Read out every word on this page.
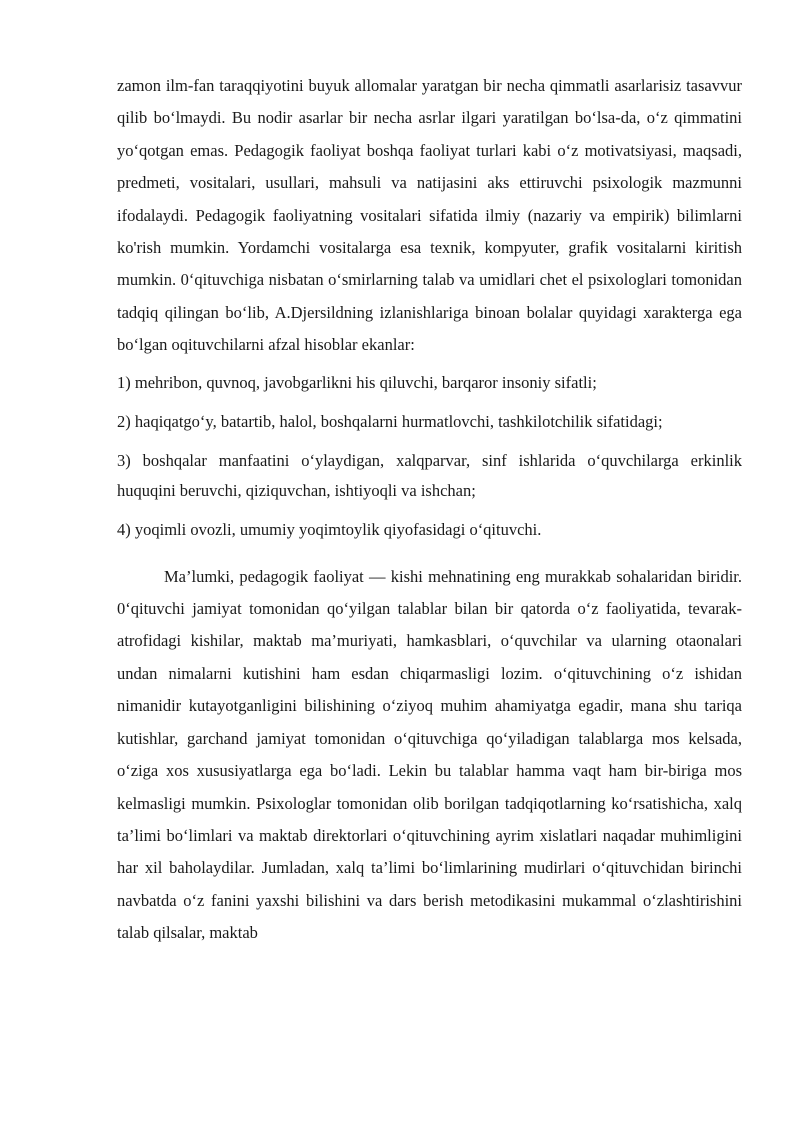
zamon ilm-fan taraqqiyotini buyuk allomalar yaratgan bir necha qimmatli asarlarisiz tasavvur qilib bo‘lmaydi. Bu nodir asarlar bir necha asrlar ilgari yaratilgan bo‘lsa-da, o‘z qimmatini yo‘qotgan emas. Pedagogik faoliyat boshqa faoliyat turlari kabi o‘z motivatsiyasi, maqsadi, predmeti, vositalari, usullari, mahsuli va natijasini aks ettiruvchi psixologik mazmunni ifodalaydi. Pedagogik faoliyatning vositalari sifatida ilmiy (nazariy va empirik) bilimlarni ko'rish mumkin. Yordamchi vositalarga esa texnik, kompyuter, grafik vositalarni kiritish mumkin. 0‘qituvchiga nisbatan o‘smirlarning talab va umidlari chet el psixologlari tomonidan tadqiq qilingan bo‘lib, A.Djersildning izlanishlariga binoan bolalar quyidagi xarakterga ega bo‘lgan oqituvchilarni afzal hisoblar ekanlar:

1) mehribon, quvnoq, javobgarlikni his qiluvchi, barqaror insoniy sifatli;

2) haqiqatgo‘y, batartib, halol, boshqalarni hurmatlovchi, tashkilotchilik sifatidagi;

3) boshqalar manfaatini o‘ylaydigan, xalqparvar, sinf ishlarida o‘quvchilarga erkinlik huquqini beruvchi, qiziquvchan, ishtiyoqli va ishchan;

4) yoqimli ovozli, umumiy yoqimtoylik qiyofasidagi o‘qituvchi.

Ma’lumki, pedagogik faoliyat — kishi mehnatining eng murakkab sohalaridan biridir. 0‘qituvchi jamiyat tomonidan qo‘yilgan talablar bilan bir qatorda o‘z faoliyatida, tevarak-atrofidagi kishilar, maktab ma’muriyati, hamkasblari, o‘quvchilar va ularning otaonalari undan nimalarni kutishini ham esdan chiqarmasligi lozim. o‘qituvchining o‘z ishidan nimanidir kutayotganligini bilishining o‘ziyoq muhim ahamiyatga egadir, mana shu tariqa kutishlar, garchand jamiyat tomonidan o‘qituvchiga qo‘yiladigan talablarga mos kelsada, o‘ziga xos xususiyatlarga ega bo‘ladi. Lekin bu talablar hamma vaqt ham bir-biriga mos kelmasligi mumkin. Psixologlar tomonidan olib borilgan tadqiqotlarning ko‘rsatishicha, xalq ta’limi bo‘limlari va maktab direktorlari o‘qituvchining ayrim xislatlari naqadar muhimligini har xil baholaydilar. Jumladan, xalq ta’limi bo‘limlarining mudirlari o‘qituvchidan birinchi navbatda o‘z fanini yaxshi bilishini va dars berish metodikasini mukammal o‘zlashtirishini talab qilsalar, maktab
